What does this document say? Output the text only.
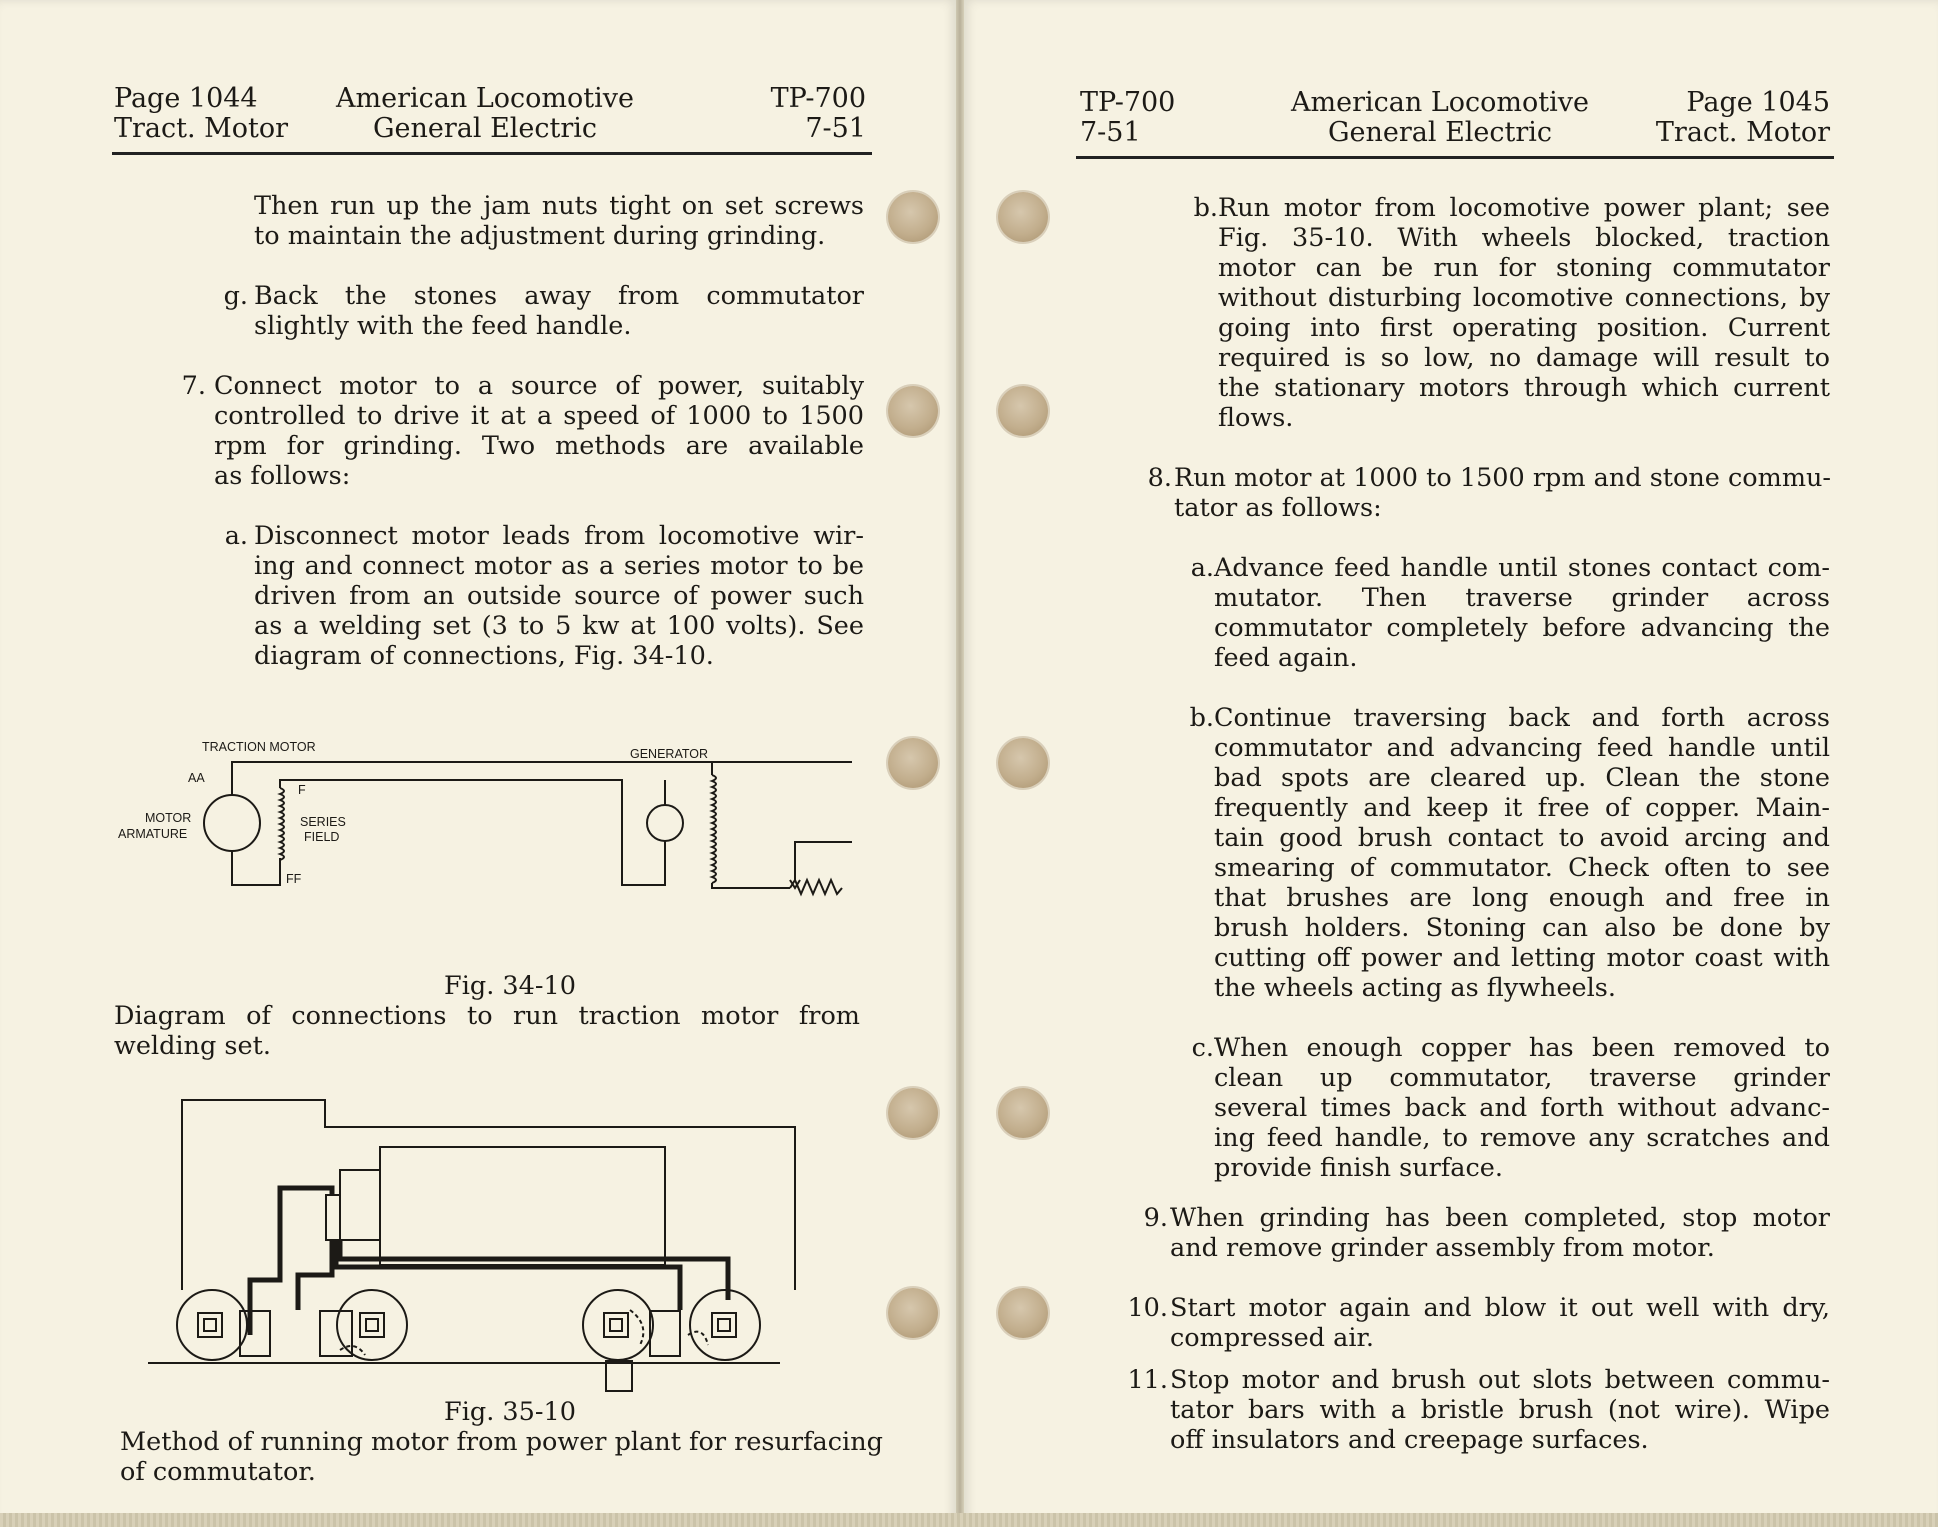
Page 1044
Tract. Motor
American Locomotive
General Electric
TP-700
7-51
Then run up the jam nuts tight on set screws
to maintain the adjustment during grinding.
g. Back the stones away from commutator
slightly with the feed handle.
7. Connect motor to a source of power, suitably
controlled to drive it at a speed of 1000 to 1500
rpm for grinding. Two methods are available
as follows:
a. Disconnect motor leads from locomotive wir-
ing and connect motor as a series motor to be
driven from an outside source of power such
as a welding set (3 to 5 kw at 100 volts). See
diagram of connections, Fig. 34-10.
TRACTION MOTOR	GENERATOR
AA
MOTOR
ARMATURE
SERIES
FIELD
F
FF
Fig. 34-10
Diagram of connections to run traction motor from
welding set.
Fig. 35-10
Method of running motor from power plant for resurfacing
of commutator.
TP-700
7-51
American Locomotive
General Electric
Page 1045
Tract. Motor
b. Run motor from locomotive power plant; see
Fig. 35-10. With wheels blocked, traction
motor can be run for stoning commutator
without disturbing locomotive connections, by
going into first operating position. Current
required is so low, no damage will result to
the stationary motors through which current
flows.
8. Run motor at 1000 to 1500 rpm and stone commu-
tator as follows:
a. Advance feed handle until stones contact com-
mutator. Then traverse grinder across
commutator completely before advancing the
feed again.
b. Continue traversing back and forth across
commutator and advancing feed handle until
bad spots are cleared up. Clean the stone
frequently and keep it free of copper. Main-
tain good brush contact to avoid arcing and
smearing of commutator. Check often to see
that brushes are long enough and free in
brush holders. Stoning can also be done by
cutting off power and letting motor coast with
the wheels acting as flywheels.
c. When enough copper has been removed to
clean up commutator, traverse grinder
several times back and forth without advanc-
ing feed handle, to remove any scratches and
provide finish surface.
9. When grinding has been completed, stop motor
and remove grinder assembly from motor.
10. Start motor again and blow it out well with dry,
compressed air.
11. Stop motor and brush out slots between commu-
tator bars with a bristle brush (not wire). Wipe
off insulators and creepage surfaces.
